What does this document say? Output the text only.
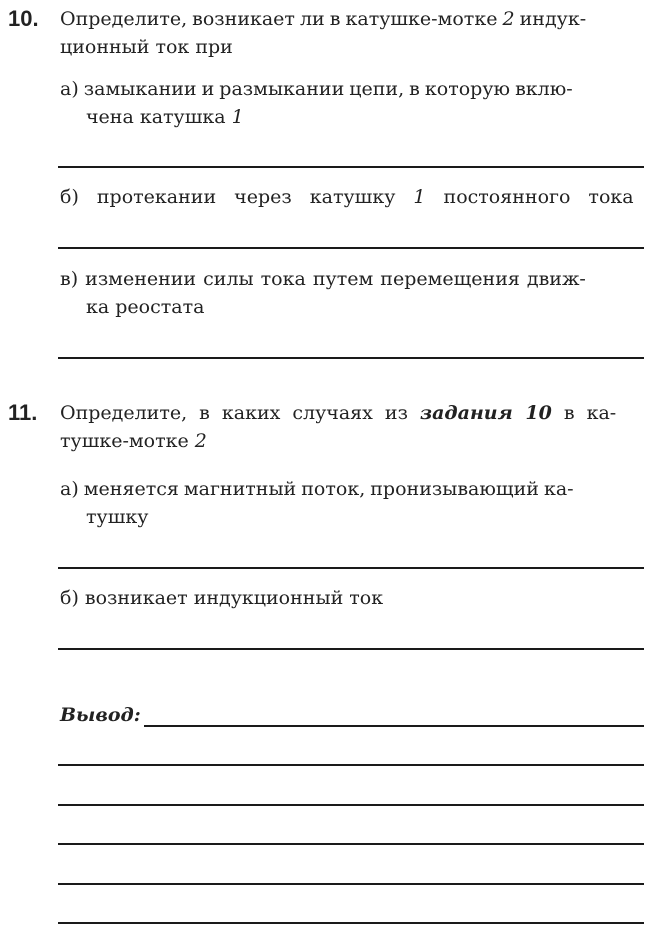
10. Определите, возникает ли в катушке-мотке 2 индук-
ционный ток при
а) замыкании и размыкании цепи, в которую вклю-
чена катушка 1
б) протекании через катушку 1 постоянного тока
в) изменении силы тока путем перемещения движ-
ка реостата
11. Определите, в каких случаях из задания 10 в ка-
тушке-мотке 2
а) меняется магнитный поток, пронизывающий ка-
тушку
б) возникает индукционный ток
Вывод:
